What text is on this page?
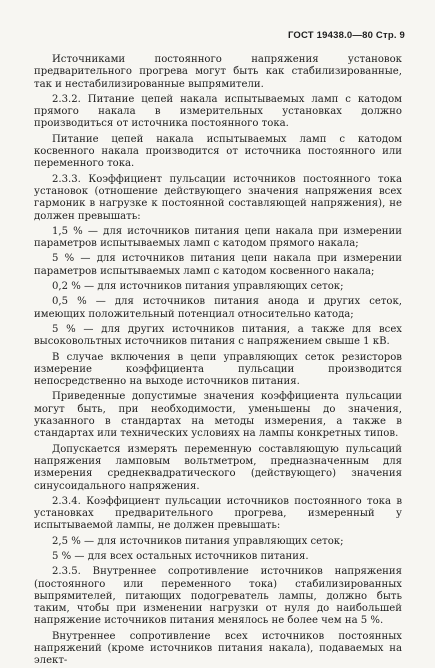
ГОСТ 19438.0—80 Стр. 9

Источниками постоянного напряжения установок предварительного прогрева могут быть как стабилизированные, так и нестабилизированные выпрямители.

2.3.2. Питание цепей накала испытываемых ламп с катодом прямого накала в измерительных установках должно производиться от источника постоянного тока.

Питание цепей накала испытываемых ламп с катодом косвенного накала производится от источника постоянного или переменного тока.

2.3.3. Коэффициент пульсации источников постоянного тока установок (отношение действующего значения напряжения всех гармоник в нагрузке к постоянной составляющей напряжения), не должен превышать:

1,5 % — для источников питания цепи накала при измерении параметров испытываемых ламп с катодом прямого накала;

5 % — для источников питания цепи накала при измерении параметров испытываемых ламп с катодом косвенного накала;

0,2 % — для источников питания управляющих сеток;

0,5 % — для источников питания анода и других сеток, имеющих положительный потенциал относительно катода;

5 % — для других источников питания, а также для всех высоковольтных источников питания с напряжением свыше 1 кВ.

В случае включения в цепи управляющих сеток резисторов измерение коэффициента пульсации производится непосредственно на выходе источников питания.

Приведенные допустимые значения коэффициента пульсации могут быть, при необходимости, уменьшены до значения, указанного в стандартах на методы измерения, а также в стандартах или технических условиях на лампы конкретных типов.

Допускается измерять переменную составляющую пульсаций напряжения ламповым вольтметром, предназначенным для измерения среднеквадратического (действующего) значения синусоидального напряжения.

2.3.4. Коэффициент пульсации источников постоянного тока в установках предварительного прогрева, измеренный у испытываемой лампы, не должен превышать:

2,5 % — для источников питания управляющих сеток;

5 % — для всех остальных источников питания.

2.3.5. Внутреннее сопротивление источников напряжения (постоянного или переменного тока) стабилизированных выпрямителей, питающих подогреватель лампы, должно быть таким, чтобы при изменении нагрузки от нуля до наибольшей напряжение источников питания менялось не более чем на 5 %.

Внутреннее сопротивление всех источников постоянных напряжений (кроме источников питания накала), подаваемых на элект-
